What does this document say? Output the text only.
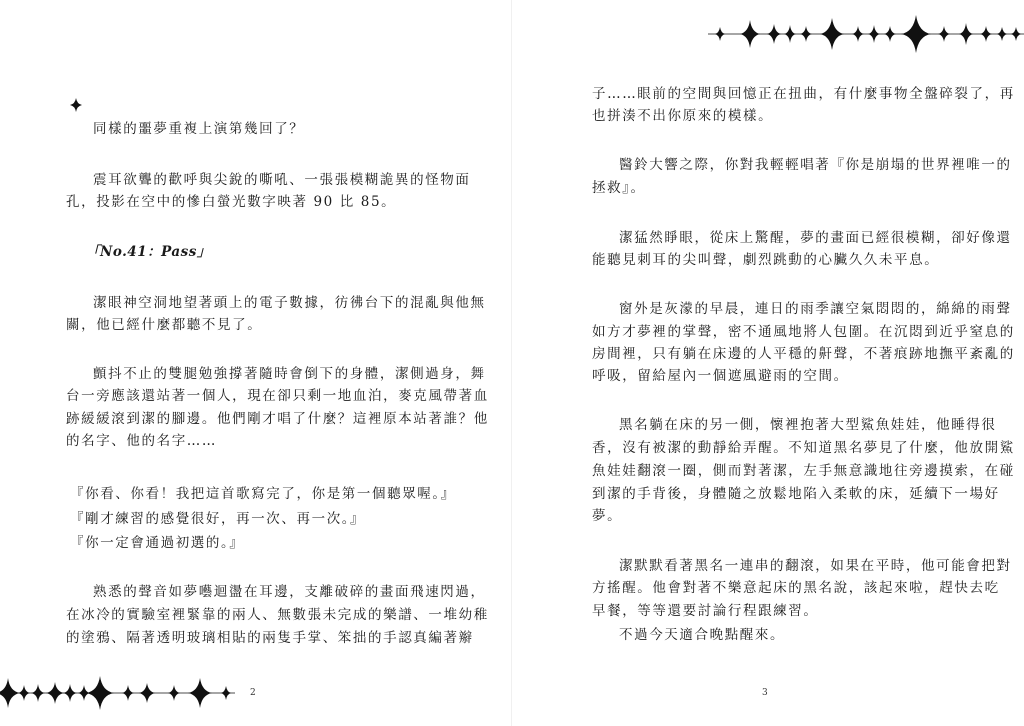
同樣的噩夢重複上演第幾回了？
震耳欲聾的歡呼與尖銳的嘶吼、一張張模糊詭異的怪物面
孔，投影在空中的慘白螢光數字映著 90 比 85。
「No.41：Pass」
潔眼神空洞地望著頭上的電子數據，彷彿台下的混亂與他無
關，他已經什麼都聽不見了。
顫抖不止的雙腿勉強撐著隨時會倒下的身體，潔側過身，舞
台一旁應該還站著一個人，現在卻只剩一地血泊，麥克風帶著血
跡緩緩滾到潔的腳邊。他們剛才唱了什麼？這裡原本站著誰？他
的名字、他的名字……
『你看、你看！我把這首歌寫完了，你是第一個聽眾喔。』
『剛才練習的感覺很好，再一次、再一次。』
『你一定會通過初選的。』
熟悉的聲音如夢囈迴盪在耳邊，支離破碎的畫面飛速閃過，
在冰冷的實驗室裡緊靠的兩人、無數張未完成的樂譜、一堆幼稚
的塗鴉、隔著透明玻璃相貼的兩隻手掌、笨拙的手認真編著辮
2
子……眼前的空間與回憶正在扭曲，有什麼事物全盤碎裂了，再
也拼湊不出你原來的模樣。
醫鈴大響之際，你對我輕輕唱著『你是崩塌的世界裡唯一的
拯救』。
潔猛然睜眼，從床上驚醒，夢的畫面已經很模糊，卻好像還
能聽見刺耳的尖叫聲，劇烈跳動的心臟久久未平息。
窗外是灰濛的早晨，連日的雨季讓空氣悶悶的，綿綿的雨聲
如方才夢裡的掌聲，密不通風地將人包圍。在沉悶到近乎窒息的
房間裡，只有躺在床邊的人平穩的鼾聲，不著痕跡地撫平紊亂的
呼吸，留給屋內一個遮風避雨的空間。
黑名躺在床的另一側，懷裡抱著大型鯊魚娃娃，他睡得很
香，沒有被潔的動靜給弄醒。不知道黑名夢見了什麼，他放開鯊
魚娃娃翻滾一圈，側而對著潔，左手無意識地往旁邊摸索，在碰
到潔的手背後，身體隨之放鬆地陷入柔軟的床，延續下一場好
夢。
潔默默看著黑名一連串的翻滾，如果在平時，他可能會把對
方搖醒。他會對著不樂意起床的黑名說，該起來啦，趕快去吃
早餐，等等還要討論行程跟練習。
不過今天適合晚點醒來。
3
